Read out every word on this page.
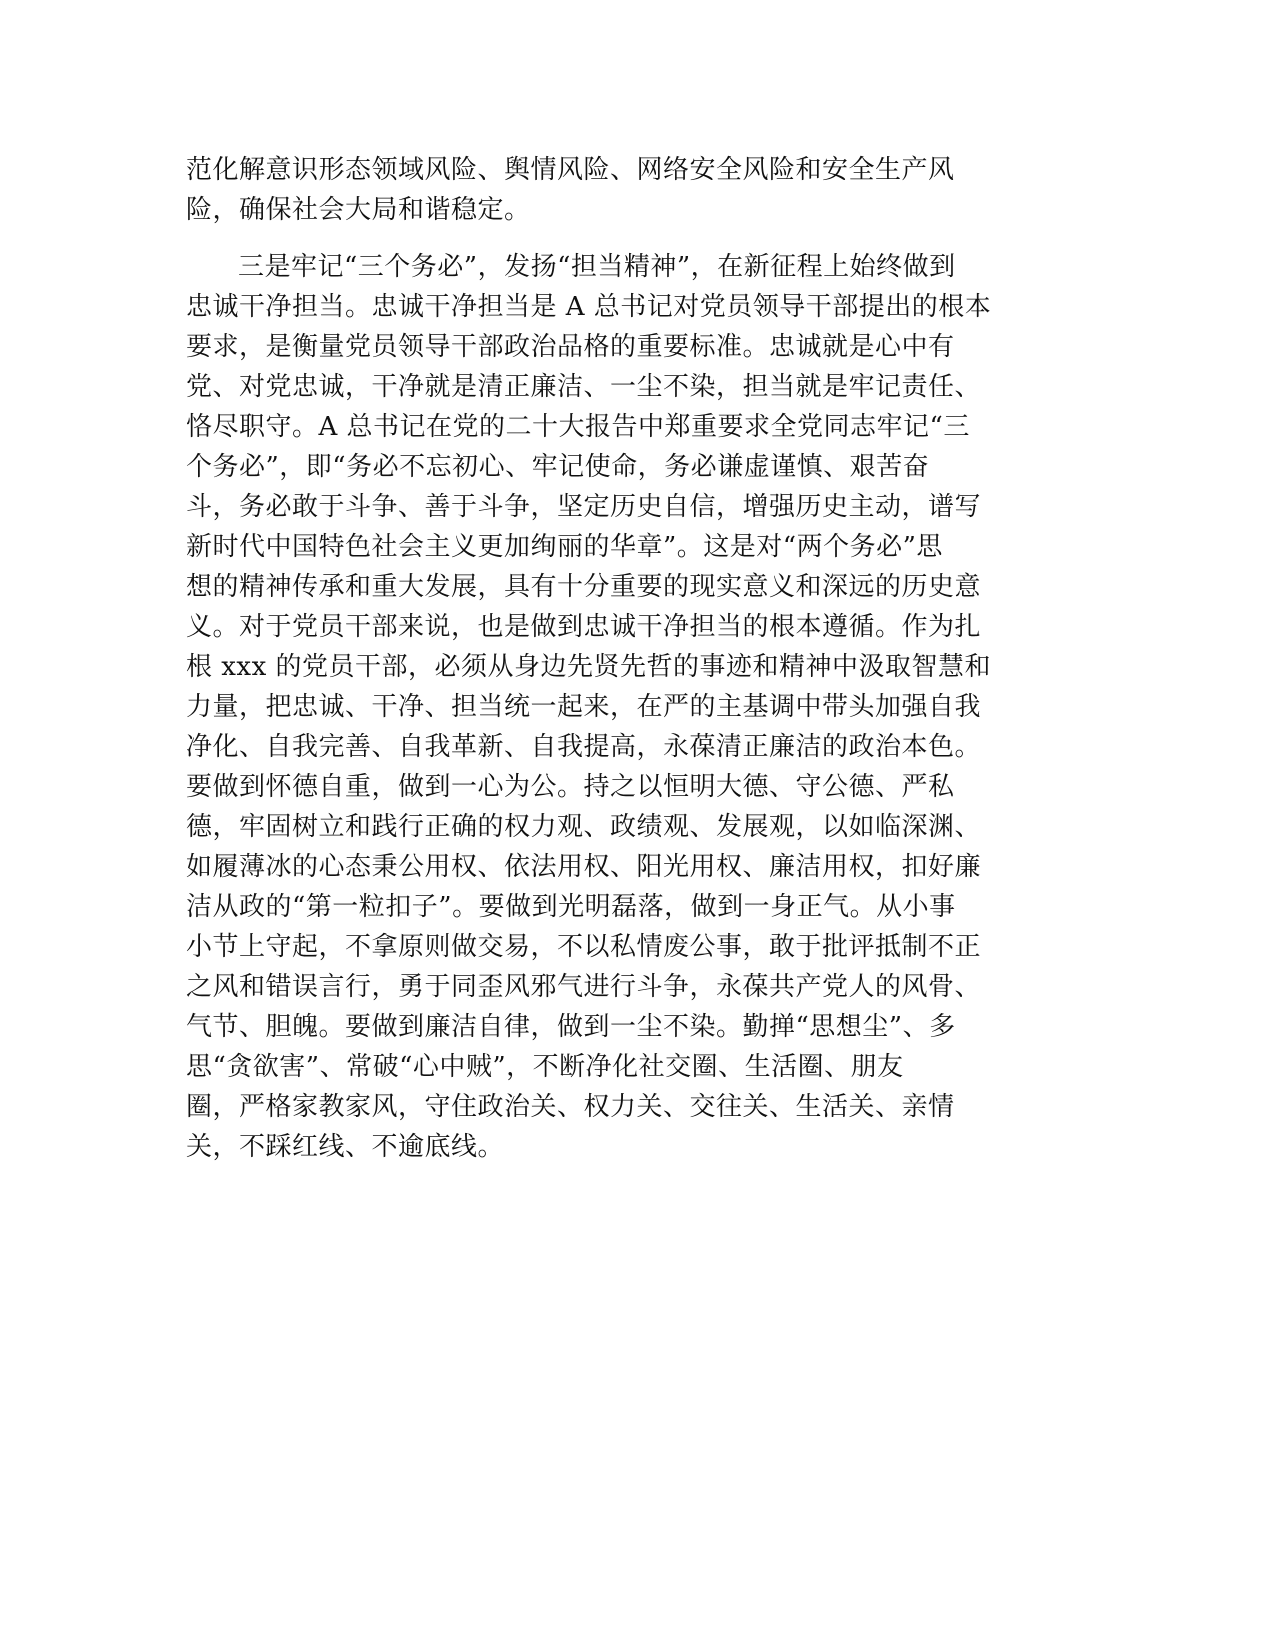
范化解意识形态领域风险、舆情风险、网络安全风险和安全生产风
险，确保社会大局和谐稳定。
三是牢记“三个务必”，发扬“担当精神”，在新征程上始终做到
忠诚干净担当。忠诚干净担当是 A 总书记对党员领导干部提出的根本
要求，是衡量党员领导干部政治品格的重要标准。忠诚就是心中有
党、对党忠诚，干净就是清正廉洁、一尘不染，担当就是牢记责任、
恪尽职守。A 总书记在党的二十大报告中郑重要求全党同志牢记“三
个务必”，即“务必不忘初心、牢记使命，务必谦虚谨慎、艰苦奋
斗，务必敢于斗争、善于斗争，坚定历史自信，增强历史主动，谱写
新时代中国特色社会主义更加绚丽的华章”。这是对“两个务必”思
想的精神传承和重大发展，具有十分重要的现实意义和深远的历史意
义。对于党员干部来说，也是做到忠诚干净担当的根本遵循。作为扎
根 xxx 的党员干部，必须从身边先贤先哲的事迹和精神中汲取智慧和
力量，把忠诚、干净、担当统一起来，在严的主基调中带头加强自我
净化、自我完善、自我革新、自我提高，永葆清正廉洁的政治本色。
要做到怀德自重，做到一心为公。持之以恒明大德、守公德、严私
德，牢固树立和践行正确的权力观、政绩观、发展观，以如临深渊、
如履薄冰的心态秉公用权、依法用权、阳光用权、廉洁用权，扣好廉
洁从政的“第一粒扣子”。要做到光明磊落，做到一身正气。从小事
小节上守起，不拿原则做交易，不以私情废公事，敢于批评抵制不正
之风和错误言行，勇于同歪风邪气进行斗争，永葆共产党人的风骨、
气节、胆魄。要做到廉洁自律，做到一尘不染。勤掸“思想尘”、多
思“贪欲害”、常破“心中贼”，不断净化社交圈、生活圈、朋友
圈，严格家教家风，守住政治关、权力关、交往关、生活关、亲情
关，不踩红线、不逾底线。
